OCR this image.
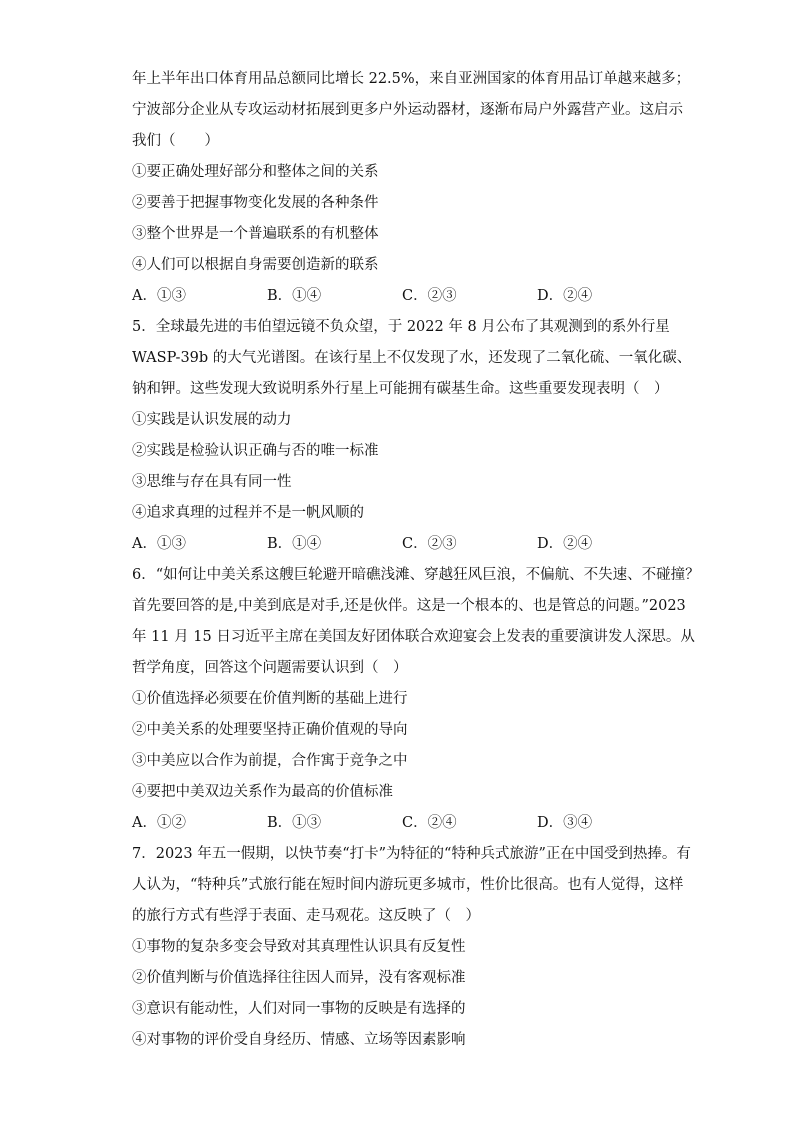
年上半年出口体育用品总额同比增长 22.5%，来自亚洲国家的体育用品订单越来越多；
宁波部分企业从专攻运动材拓展到更多户外运动器材，逐渐布局户外露营产业。这启示
我们（　　）
①要正确处理好部分和整体之间的关系
②要善于把握事物变化发展的各种条件
③整个世界是一个普遍联系的有机整体
④人们可以根据自身需要创造新的联系
A．①③	B．①④	C．②③	D．②④
5．全球最先进的韦伯望远镜不负众望，于 2022 年 8 月公布了其观测到的系外行星
WASP-39b 的大气光谱图。在该行星上不仅发现了水，还发现了二氧化硫、一氧化碳、
钠和钾。这些发现大致说明系外行星上可能拥有碳基生命。这些重要发现表明（　）
①实践是认识发展的动力
②实践是检验认识正确与否的唯一标准
③思维与存在具有同一性
④追求真理的过程并不是一帆风顺的
A．①③	B．①④	C．②③	D．②④
6．“如何让中美关系这艘巨轮避开暗礁浅滩、穿越狂风巨浪，不偏航、不失速、不碰撞？
首先要回答的是,中美到底是对手,还是伙伴。这是一个根本的、也是管总的问题。”2023
年 11 月 15 日习近平主席在美国友好团体联合欢迎宴会上发表的重要演讲发人深思。从
哲学角度，回答这个问题需要认识到（　）
①价值选择必须要在价值判断的基础上进行
②中美关系的处理要坚持正确价值观的导向
③中美应以合作为前提，合作寓于竞争之中
④要把中美双边关系作为最高的价值标准
A．①②	B．①③	C．②④	D．③④
7．2023 年五一假期，以快节奏“打卡”为特征的“特种兵式旅游”正在中国受到热捧。有
人认为，“特种兵”式旅行能在短时间内游玩更多城市，性价比很高。也有人觉得，这样
的旅行方式有些浮于表面、走马观花。这反映了（　）
①事物的复杂多变会导致对其真理性认识具有反复性
②价值判断与价值选择往往因人而异，没有客观标准
③意识有能动性，人们对同一事物的反映是有选择的
④对事物的评价受自身经历、情感、立场等因素影响
